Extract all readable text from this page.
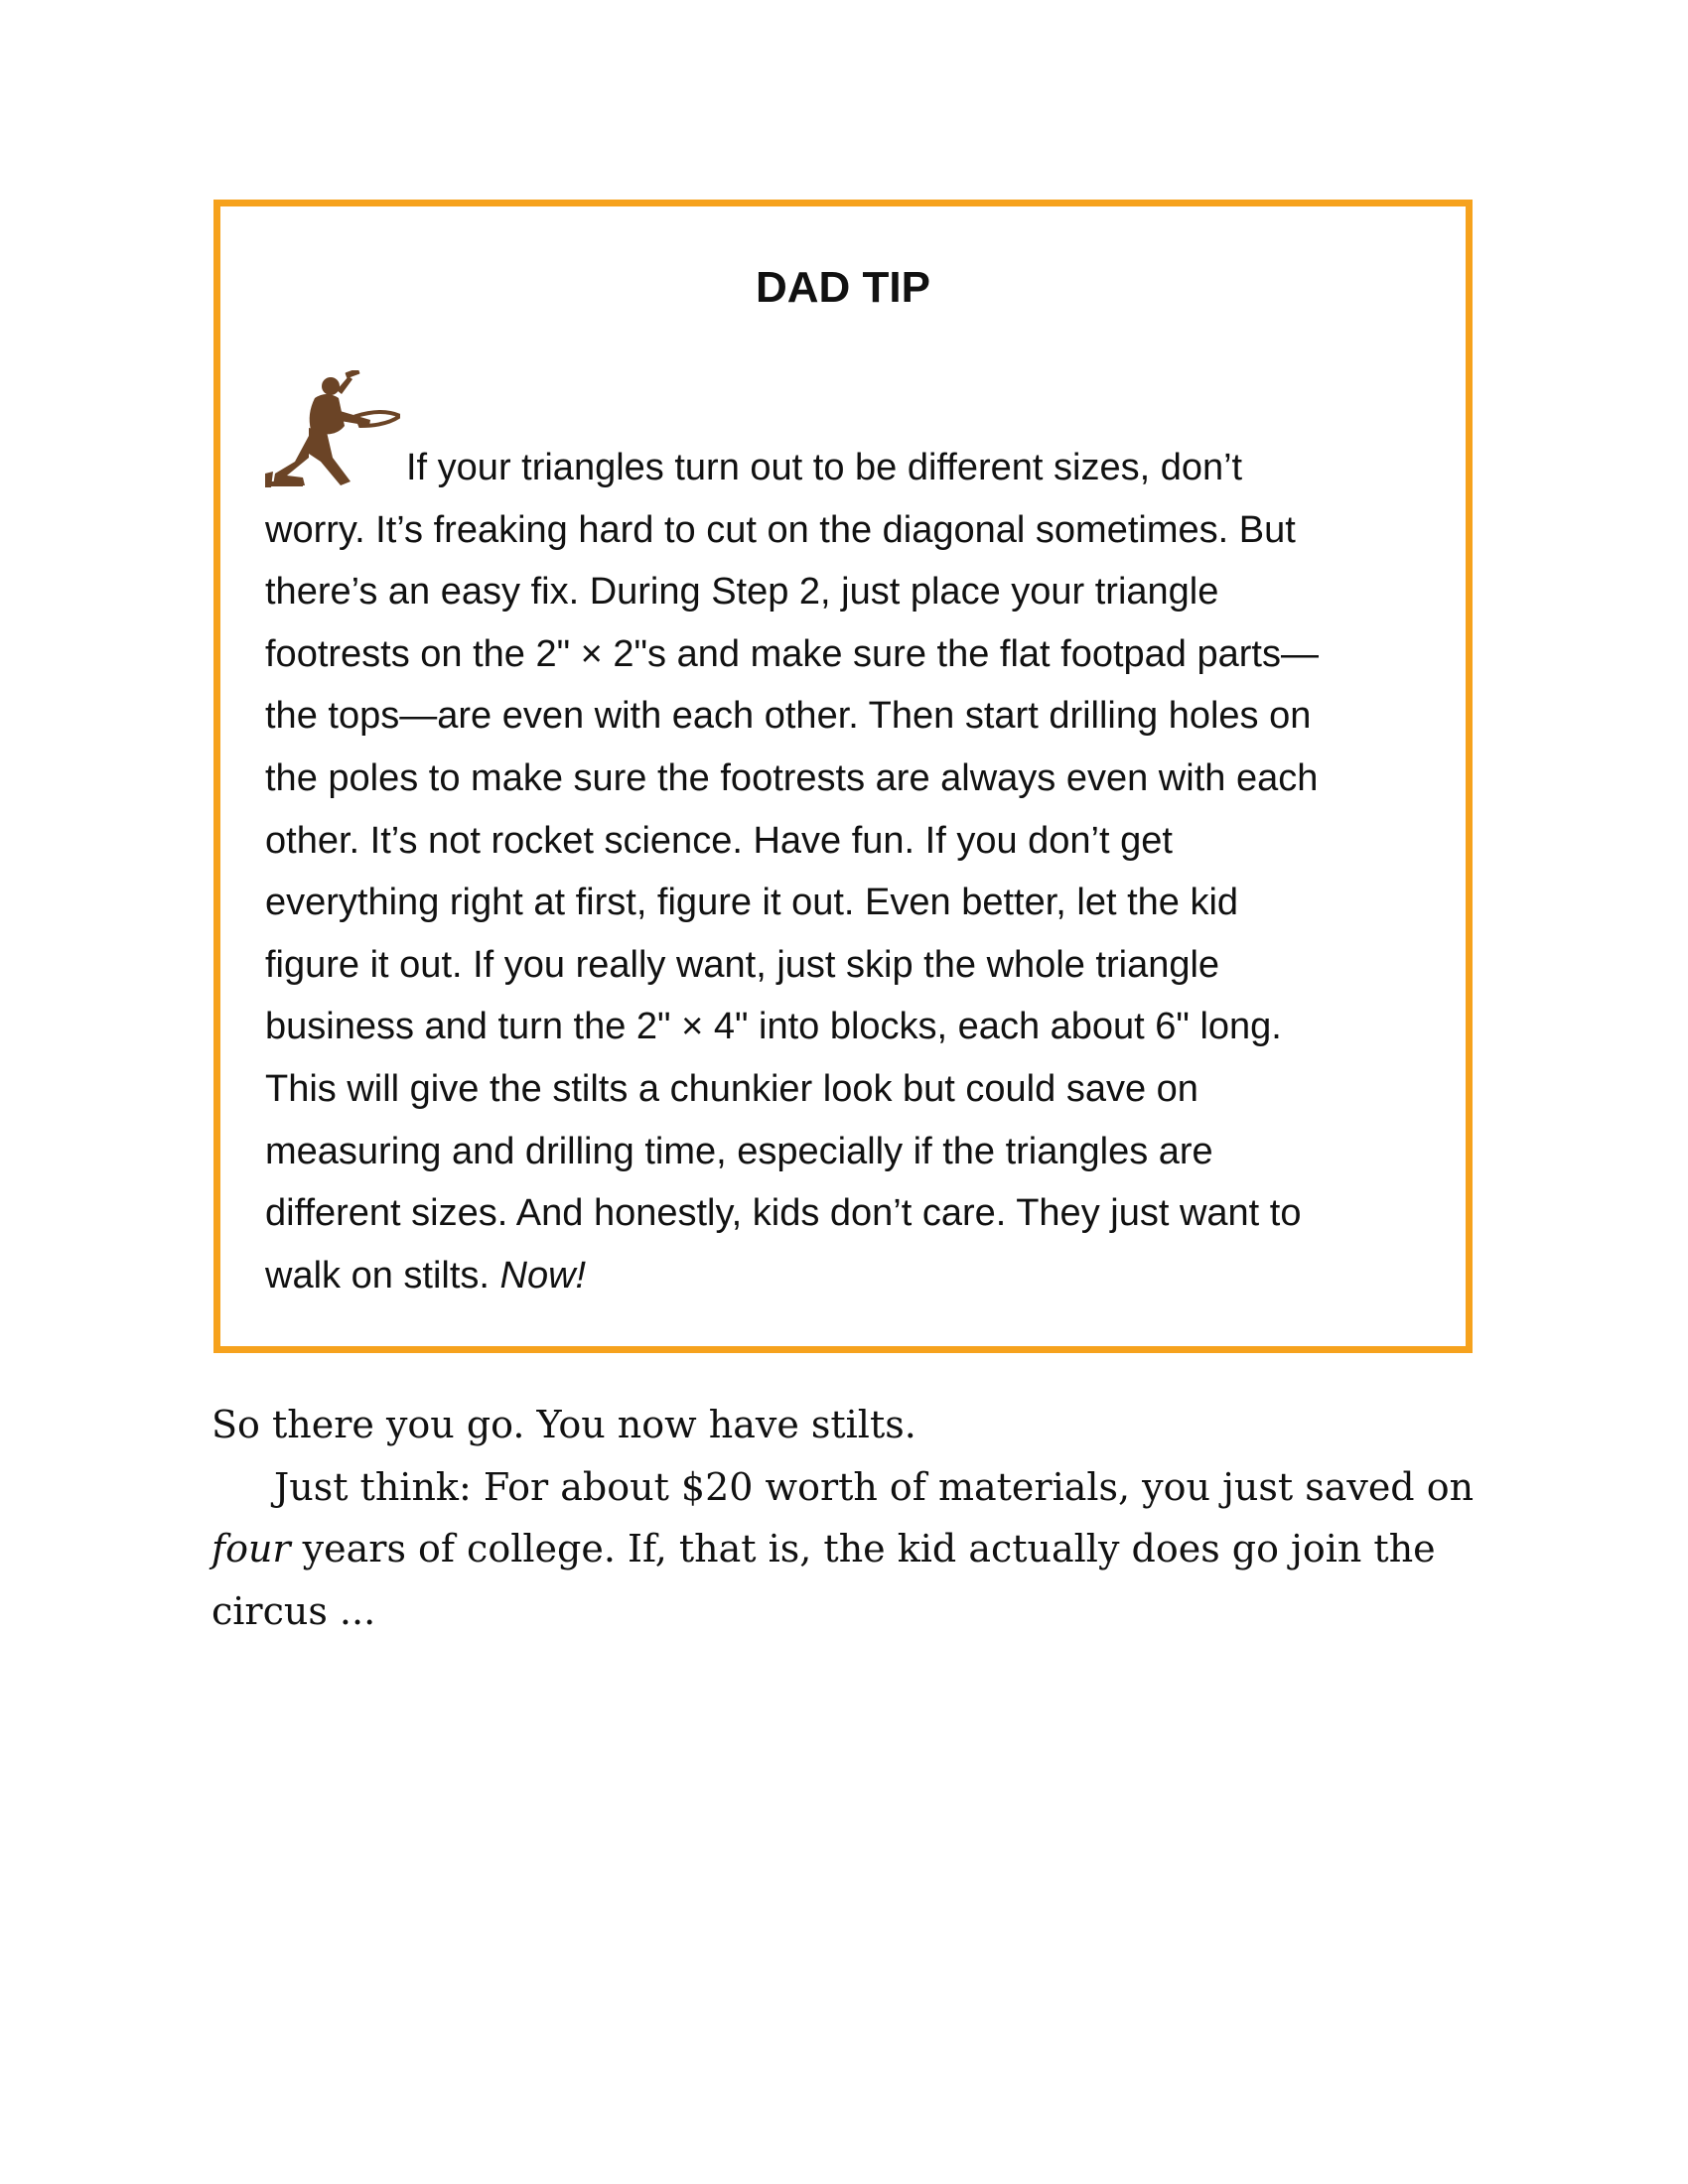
DAD TIP
If your triangles turn out to be different sizes, don’t
worry. It’s freaking hard to cut on the diagonal sometimes. But
there’s an easy fix. During Step 2, just place your triangle
footrests on the 2" × 2"s and make sure the flat footpad parts—
the tops—are even with each other. Then start drilling holes on
the poles to make sure the footrests are always even with each
other. It’s not rocket science. Have fun. If you don’t get
everything right at first, figure it out. Even better, let the kid
figure it out. If you really want, just skip the whole triangle
business and turn the 2" × 4" into blocks, each about 6" long.
This will give the stilts a chunkier look but could save on
measuring and drilling time, especially if the triangles are
different sizes. And honestly, kids don’t care. They just want to
walk on stilts. Now!
So there you go. You now have stilts.
Just think: For about $20 worth of materials, you just saved on
four years of college. If, that is, the kid actually does go join the
circus ...
